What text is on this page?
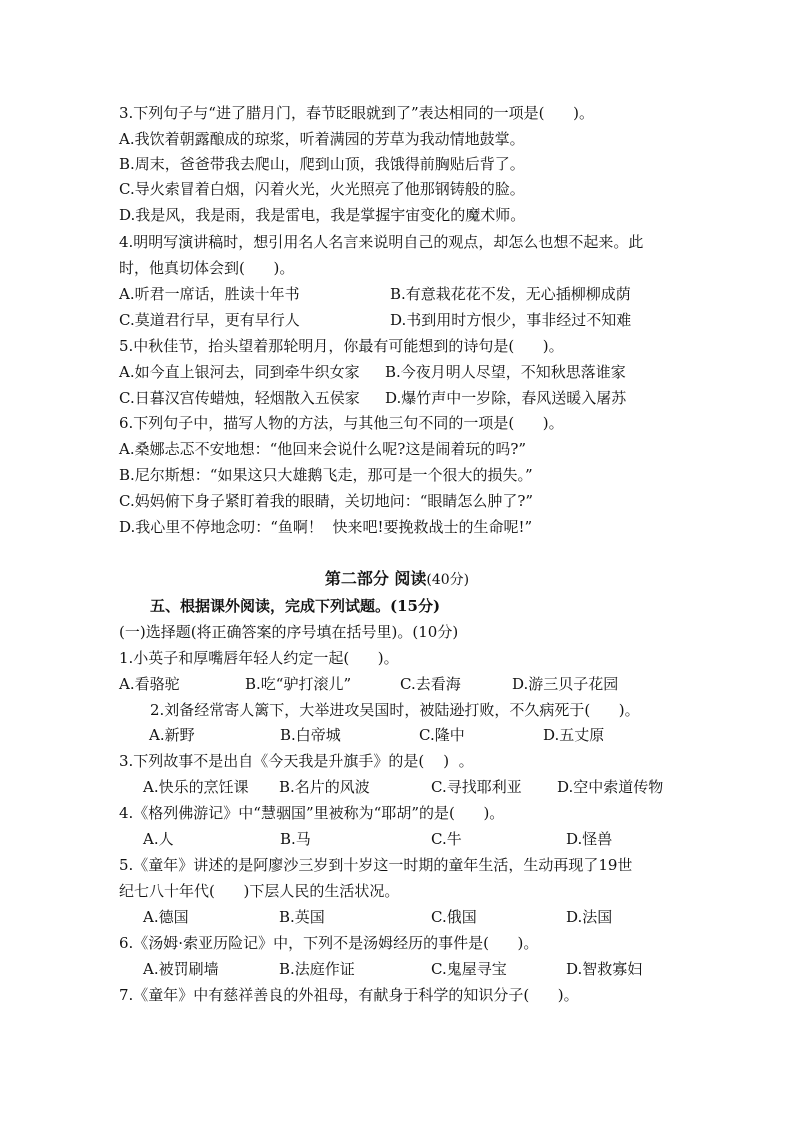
3.下列句子与“进了腊月门，春节眨眼就到了”表达相同的一项是(      )。
A.我饮着朝露酿成的琼浆，听着满园的芳草为我动情地鼓掌。
B.周末，爸爸带我去爬山，爬到山顶，我饿得前胸贴后背了。
C.导火索冒着白烟，闪着火光，火光照亮了他那钢铸般的脸。
D.我是风，我是雨，我是雷电，我是掌握宇宙变化的魔术师。
4.明明写演讲稿时，想引用名人名言来说明自己的观点，却怎么也想不起来。此
时，他真切体会到(      )。

A.听君一席话，胜读十年书

	B.有意栽花花不发，无心插柳柳成荫

C.莫道君行早，更有早行人

	D.书到用时方恨少，事非经过不知难

5.中秋佳节，抬头望着那轮明月，你最有可能想到的诗句是(      )。

A.如今直上银河去，同到牵牛织女家

B.今夜月明人尽望，不知秋思落谁家

C.日暮汉宫传蜡烛，轻烟散入五侯家

D.爆竹声中一岁除，春风送暖入屠苏

6.下列句子中，描写人物的方法，与其他三句不同的一项是(      )。
A.桑娜忐忑不安地想：“他回来会说什么呢?这是闹着玩的吗?”
B.尼尔斯想：“如果这只大雄鹅飞走，那可是一个很大的损失。”
C.妈妈俯下身子紧盯着我的眼睛，关切地问：“眼睛怎么肿了?”
D.我心里不停地念叨：“鱼啊！  快来吧!要挽救战士的生命呢!”
第二部分 阅读(40分)
五、根据课外阅读，完成下列试题。(15分)
(一)选择题(将正确答案的序号填在括号里)。(10分)
1.小英子和厚嘴唇年轻人约定一起(      )。

A.看骆驼

	B.吃“驴打滚儿”

	C.去看海

	D.游三贝子花园

2.刘备经常寄人篱下，大举进攻吴国时，被陆逊打败，不久病死于(      )。

A.新野

	B.白帝城

	C.隆中

	D.五丈原

3.下列故事不是出自《今天我是升旗手》的是(    )  。

A.快乐的烹饪课

B.名片的风波

	C.寻找耶利亚

D.空中索道传物

4.《格列佛游记》中“慧骃国”里被称为“耶胡”的是(      )。

A.人

	B.马

	C.牛

	D.怪兽

5.《童年》讲述的是阿廖沙三岁到十岁这一时期的童年生活，生动再现了19世
纪七八十年代(      )下层人民的生活状况。

A.德国

	B.英国

	C.俄国

	D.法国

6.《汤姆·索亚历险记》中，下列不是汤姆经历的事件是(      )。

A.被罚刷墙

	B.法庭作证

	C.鬼屋寻宝

	D.智救寡妇

7.《童年》中有慈祥善良的外祖母，有献身于科学的知识分子(      )。
